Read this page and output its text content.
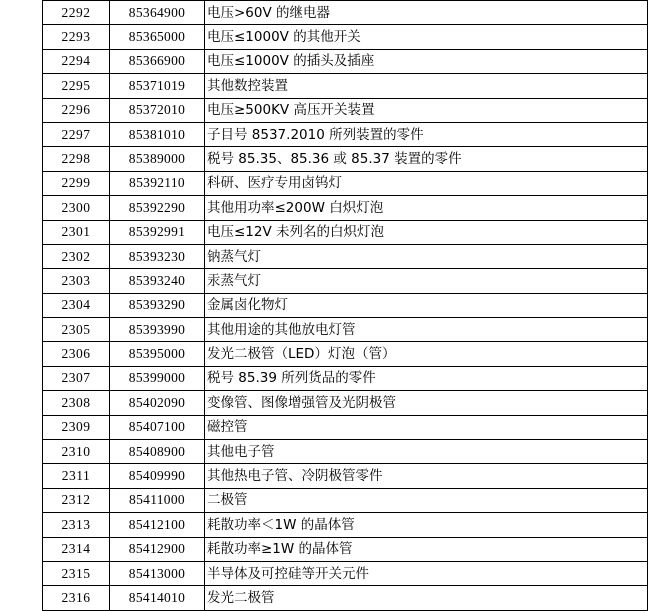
2292	85364900	电压>60V 的继电器
2293	85365000	电压≤1000V 的其他开关
2294	85366900	电压≤1000V 的插头及插座
2295	85371019	其他数控装置
2296	85372010	电压≥500KV 高压开关装置
2297	85381010	子目号 8537.2010 所列装置的零件
2298	85389000	税号 85.35、85.36 或 85.37 装置的零件
2299	85392110	科研、医疗专用卤钨灯
2300	85392290	其他用功率≤200W 白炽灯泡
2301	85392991	电压≤12V 未列名的白炽灯泡
2302	85393230	钠蒸气灯
2303	85393240	汞蒸气灯
2304	85393290	金属卤化物灯
2305	85393990	其他用途的其他放电灯管
2306	85395000	发光二极管（LED）灯泡（管）
2307	85399000	税号 85.39 所列货品的零件
2308	85402090	变像管、图像增强管及光阴极管
2309	85407100	磁控管
2310	85408900	其他电子管
2311	85409990	其他热电子管、冷阴极管零件
2312	85411000	二极管
2313	85412100	耗散功率＜1W 的晶体管
2314	85412900	耗散功率≥1W 的晶体管
2315	85413000	半导体及可控硅等开关元件
2316	85414010	发光二极管
